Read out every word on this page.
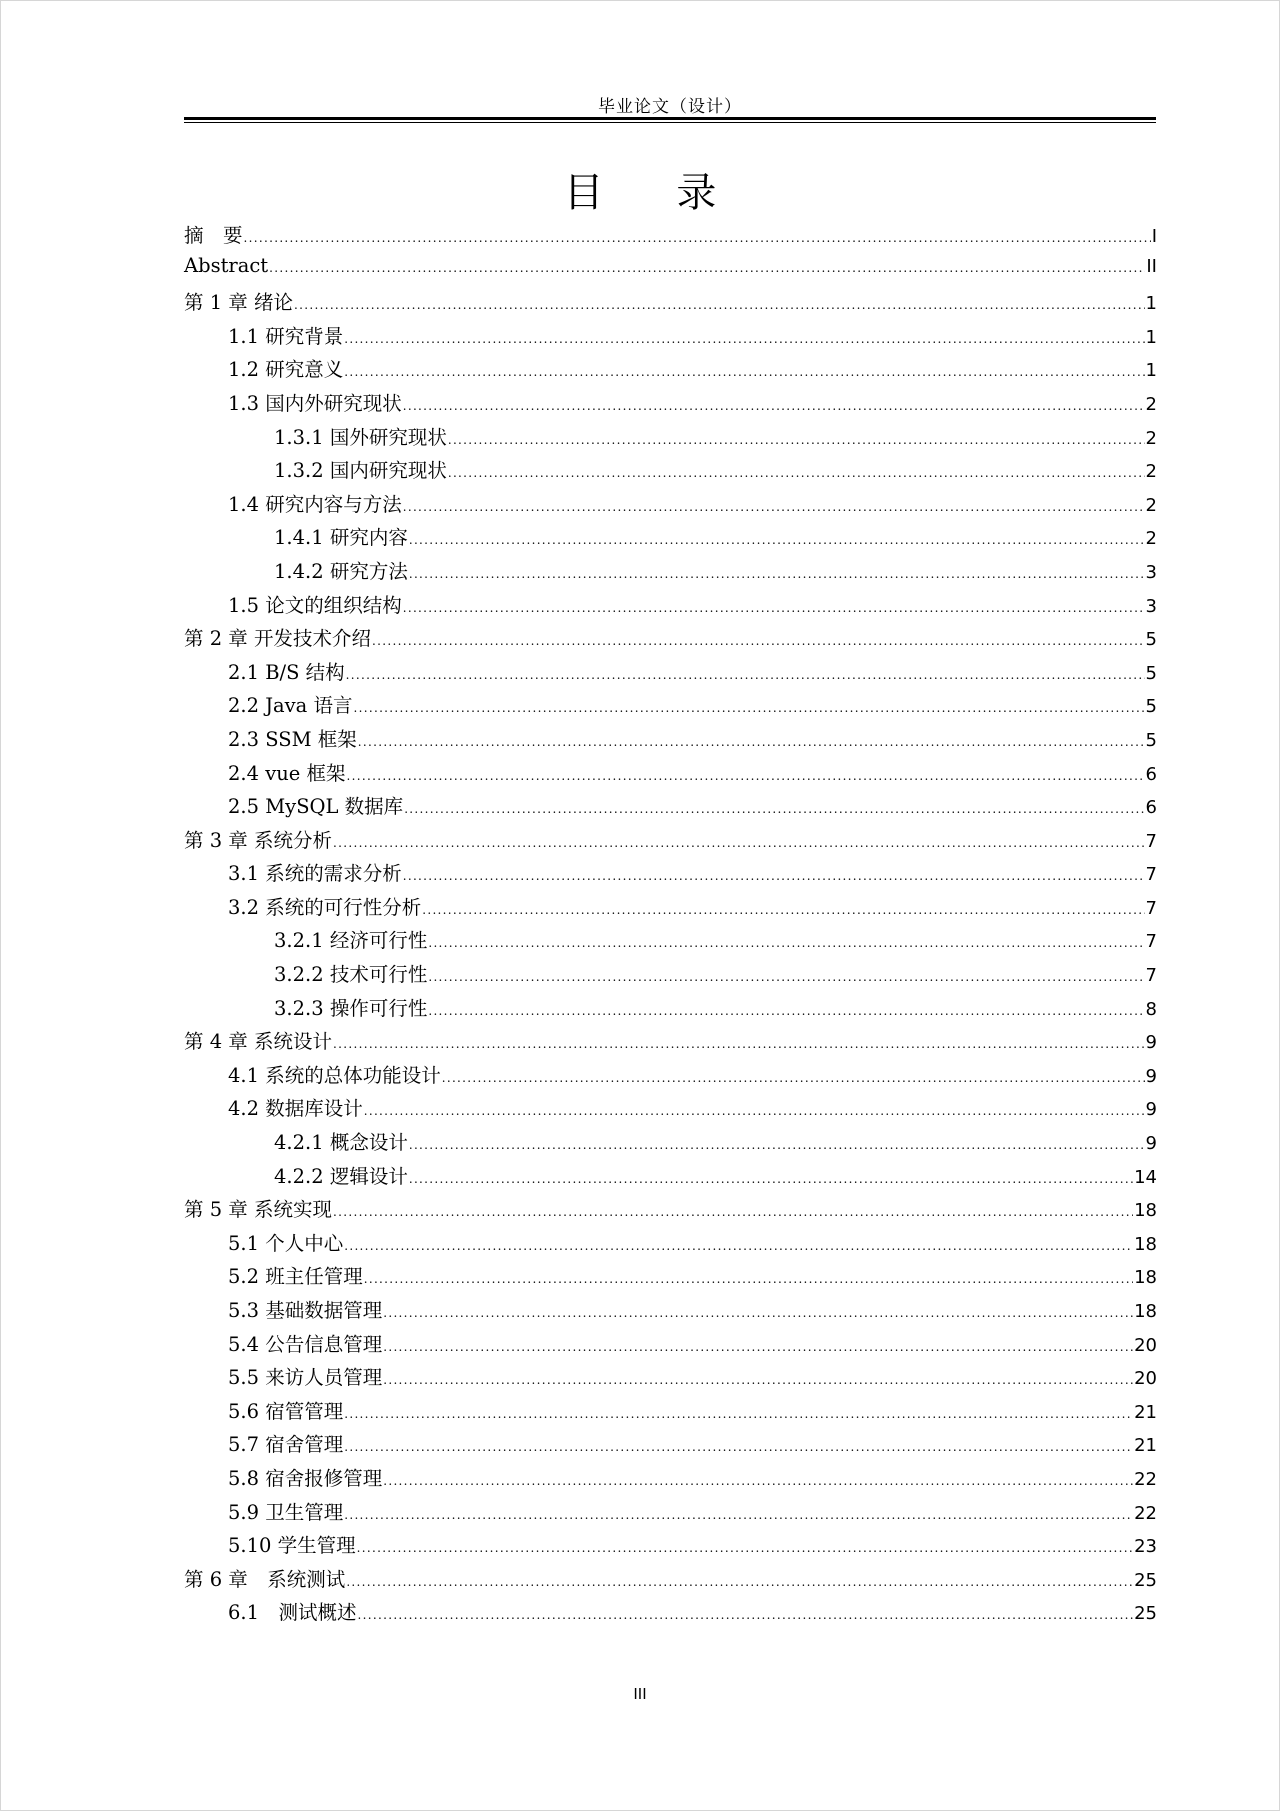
毕业论文（设计）
目 录
摘　要 .....	I
Abstract .....	II
第 1 章 绪论 .....	1
1.1 研究背景 .....	1
1.2 研究意义 .....	1
1.3 国内外研究现状 .....	2
1.3.1 国外研究现状 .....	2
1.3.2 国内研究现状 .....	2
1.4 研究内容与方法 .....	2
1.4.1 研究内容 .....	2
1.4.2 研究方法 .....	3
1.5 论文的组织结构 .....	3
第 2 章 开发技术介绍 .....	5
2.1 B/S 结构 .....	5
2.2 Java 语言 .....	5
2.3 SSM 框架 .....	5
2.4 vue 框架 .....	6
2.5 MySQL 数据库 .....	6
第 3 章 系统分析 .....	7
3.1 系统的需求分析 .....	7
3.2 系统的可行性分析 .....	7
3.2.1 经济可行性 .....	7
3.2.2 技术可行性 .....	7
3.2.3 操作可行性 .....	8
第 4 章 系统设计 .....	9
4.1 系统的总体功能设计 .....	9
4.2 数据库设计 .....	9
4.2.1 概念设计 .....	9
4.2.2 逻辑设计 .....	14
第 5 章 系统实现 .....	18
5.1 个人中心 .....	18
5.2 班主任管理 .....	18
5.3 基础数据管理 .....	18
5.4 公告信息管理 .....	20
5.5 来访人员管理 .....	20
5.6 宿管管理 .....	21
5.7 宿舍管理 .....	21
5.8 宿舍报修管理 .....	22
5.9 卫生管理 .....	22
5.10 学生管理 .....	23
第 6 章　系统测试 .....	25
6.1　测试概述 .....	25
III
